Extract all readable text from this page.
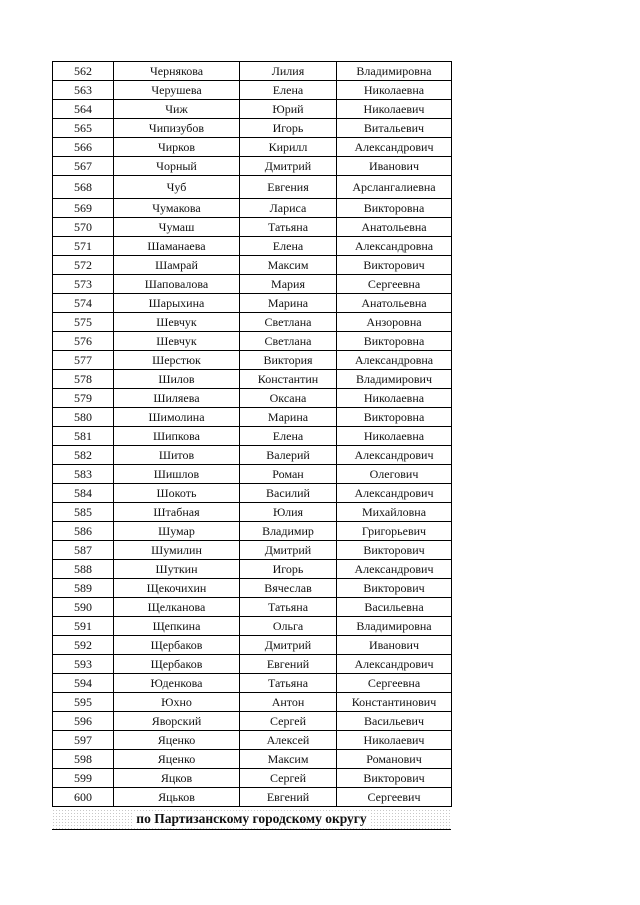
562	Чернякова	Лилия	Владимировна
563	Черушева	Елена	Николаевна
564	Чиж	Юрий	Николаевич
565	Чипизубов	Игорь	Витальевич
566	Чирков	Кирилл	Александрович
567	Чорный	Дмитрий	Иванович
568	Чуб	Евгения	Арслангалиевна
569	Чумакова	Лариса	Викторовна
570	Чумаш	Татьяна	Анатольевна
571	Шаманаева	Елена	Александровна
572	Шамрай	Максим	Викторович
573	Шаповалова	Мария	Сергеевна
574	Шарыхина	Марина	Анатольевна
575	Шевчук	Светлана	Анзоровна
576	Шевчук	Светлана	Викторовна
577	Шерстюк	Виктория	Александровна
578	Шилов	Константин	Владимирович
579	Шиляева	Оксана	Николаевна
580	Шимолина	Марина	Викторовна
581	Шипкова	Елена	Николаевна
582	Шитов	Валерий	Александрович
583	Шишлов	Роман	Олегович
584	Шокоть	Василий	Александрович
585	Штабная	Юлия	Михайловна
586	Шумар	Владимир	Григорьевич
587	Шумилин	Дмитрий	Викторович
588	Шуткин	Игорь	Александрович
589	Щекочихин	Вячеслав	Викторович
590	Щелканова	Татьяна	Васильевна
591	Щепкина	Ольга	Владимировна
592	Щербаков	Дмитрий	Иванович
593	Щербаков	Евгений	Александрович
594	Юденкова	Татьяна	Сергеевна
595	Юхно	Антон	Константинович
596	Яворский	Сергей	Васильевич
597	Яценко	Алексей	Николаевич
598	Яценко	Максим	Романович
599	Яцков	Сергей	Викторович
600	Яцьков	Евгений	Сергеевич
по Партизанскому городскому округу
